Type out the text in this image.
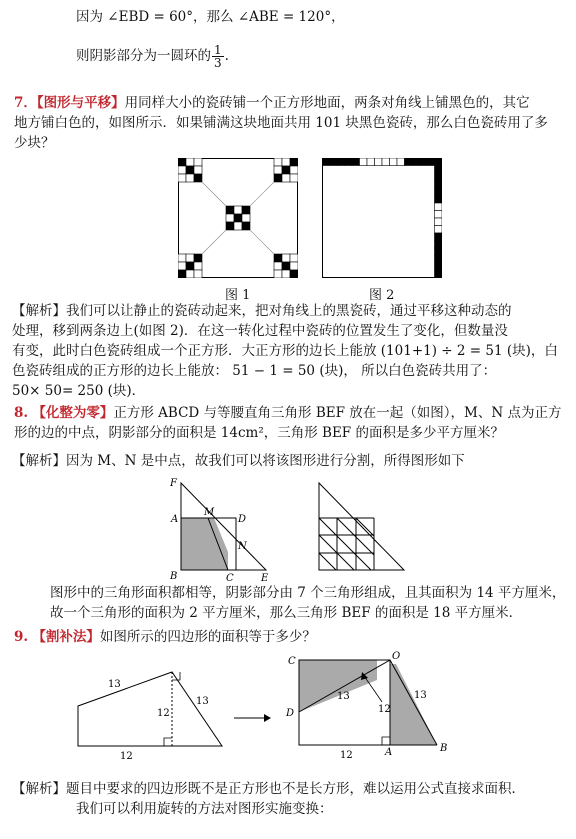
因为 ∠EBD = 60°，那么 ∠ABE = 120°，
则阴影部分为一圆环的 $\frac{1}{3}$ .
7．【图形与平移】用同样大小的瓷砖铺一个正方形地面，两条对角线上铺黑色的，其它
地方铺白色的，如图所示．如果铺满这块地面共用 101 块黑色瓷砖，那么白色瓷砖用了多
少块？
图 1	图 2
【解析】我们可以让静止的瓷砖动起来，把对角线上的黑瓷砖，通过平移这种动态的
处理，移到两条边上(如图 2)．在这一转化过程中瓷砖的位置发生了变化，但数量没
有变，此时白色瓷砖组成一个正方形．大正方形的边长上能放 (101+1) ÷ 2 = 51 (块)，白
色瓷砖组成的正方形的边长上能放： 51 − 1 = 50 (块)， 所以白色瓷砖共用了：
50× 50= 250 (块)．
8. 【化整为零】正方形 ABCD 与等腰直角三角形 BEF 放在一起（如图），M、N 点为正方
形的边的中点，阴影部分的面积是 14cm²，三角形 BEF 的面积是多少平方厘米？
【解析】因为 M、N 是中点，故我们可以将该图形进行分割，所得图形如下
F
A
M
D
N
B	C	E
图形中的三角形面积都相等，阴影部分由 7 个三角形组成，且其面积为 14 平方厘米，
故一个三角形的面积为 2 平方厘米，那么三角形 BEF 的面积是 18 平方厘米．
9. 【割补法】如图所示的四边形的面积等于多少？
13
13
12
12
C	O
D
A	B
13	13
12
12
【解析】题目中要求的四边形既不是正方形也不是长方形，难以运用公式直接求面积．
我们可以利用旋转的方法对图形实施变换：
